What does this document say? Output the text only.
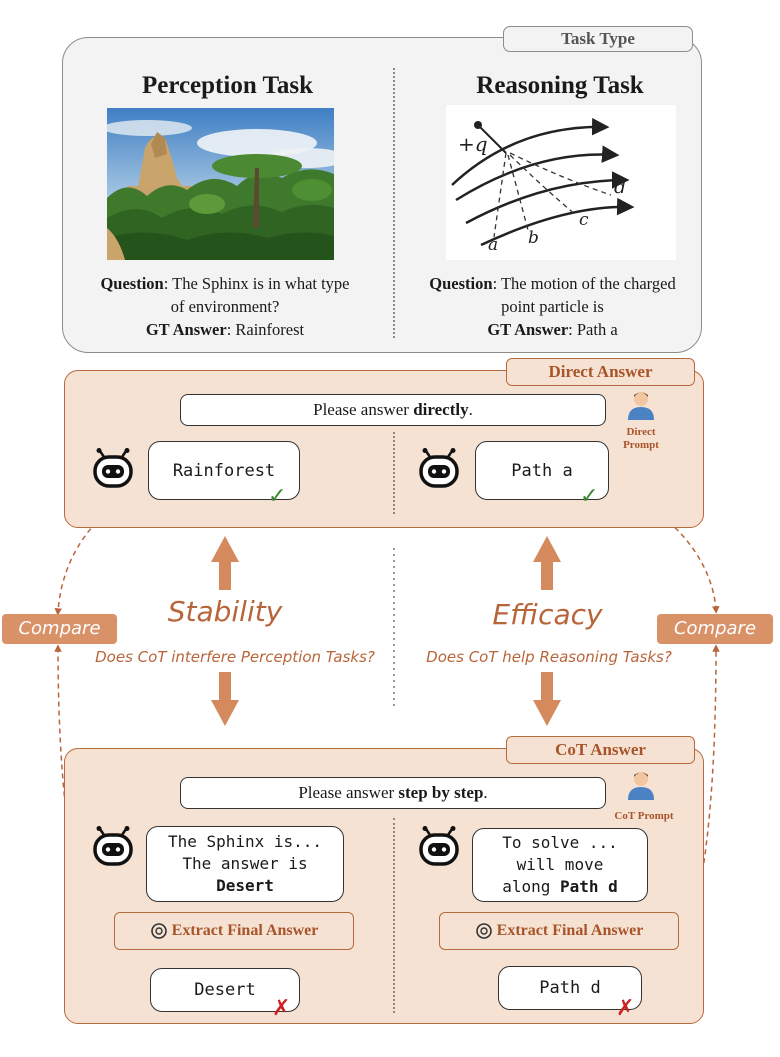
Task Type
Perception Task	Reasoning Task
+q
a b
c
d
Question: The Sphinx is in what type
of environment?
GT Answer: Rainforest
Question: The motion of the charged
point particle is
GT Answer: Path a
Direct Answer
Please answer directly .
Direct
Prompt
Rainforest	Path a
✓	✓
Compare	Compare
Stability
Does CoT interfere Perception Tasks?
Efficacy
Does CoT help Reasoning Tasks?
CoT Answer
Please answer step by step .
CoT Prompt
The Sphinx is...
The answer is
Desert
To solve ...
will move
along Path d
Extract Final Answer	Extract Final Answer
Desert	Path d
✗	✗
